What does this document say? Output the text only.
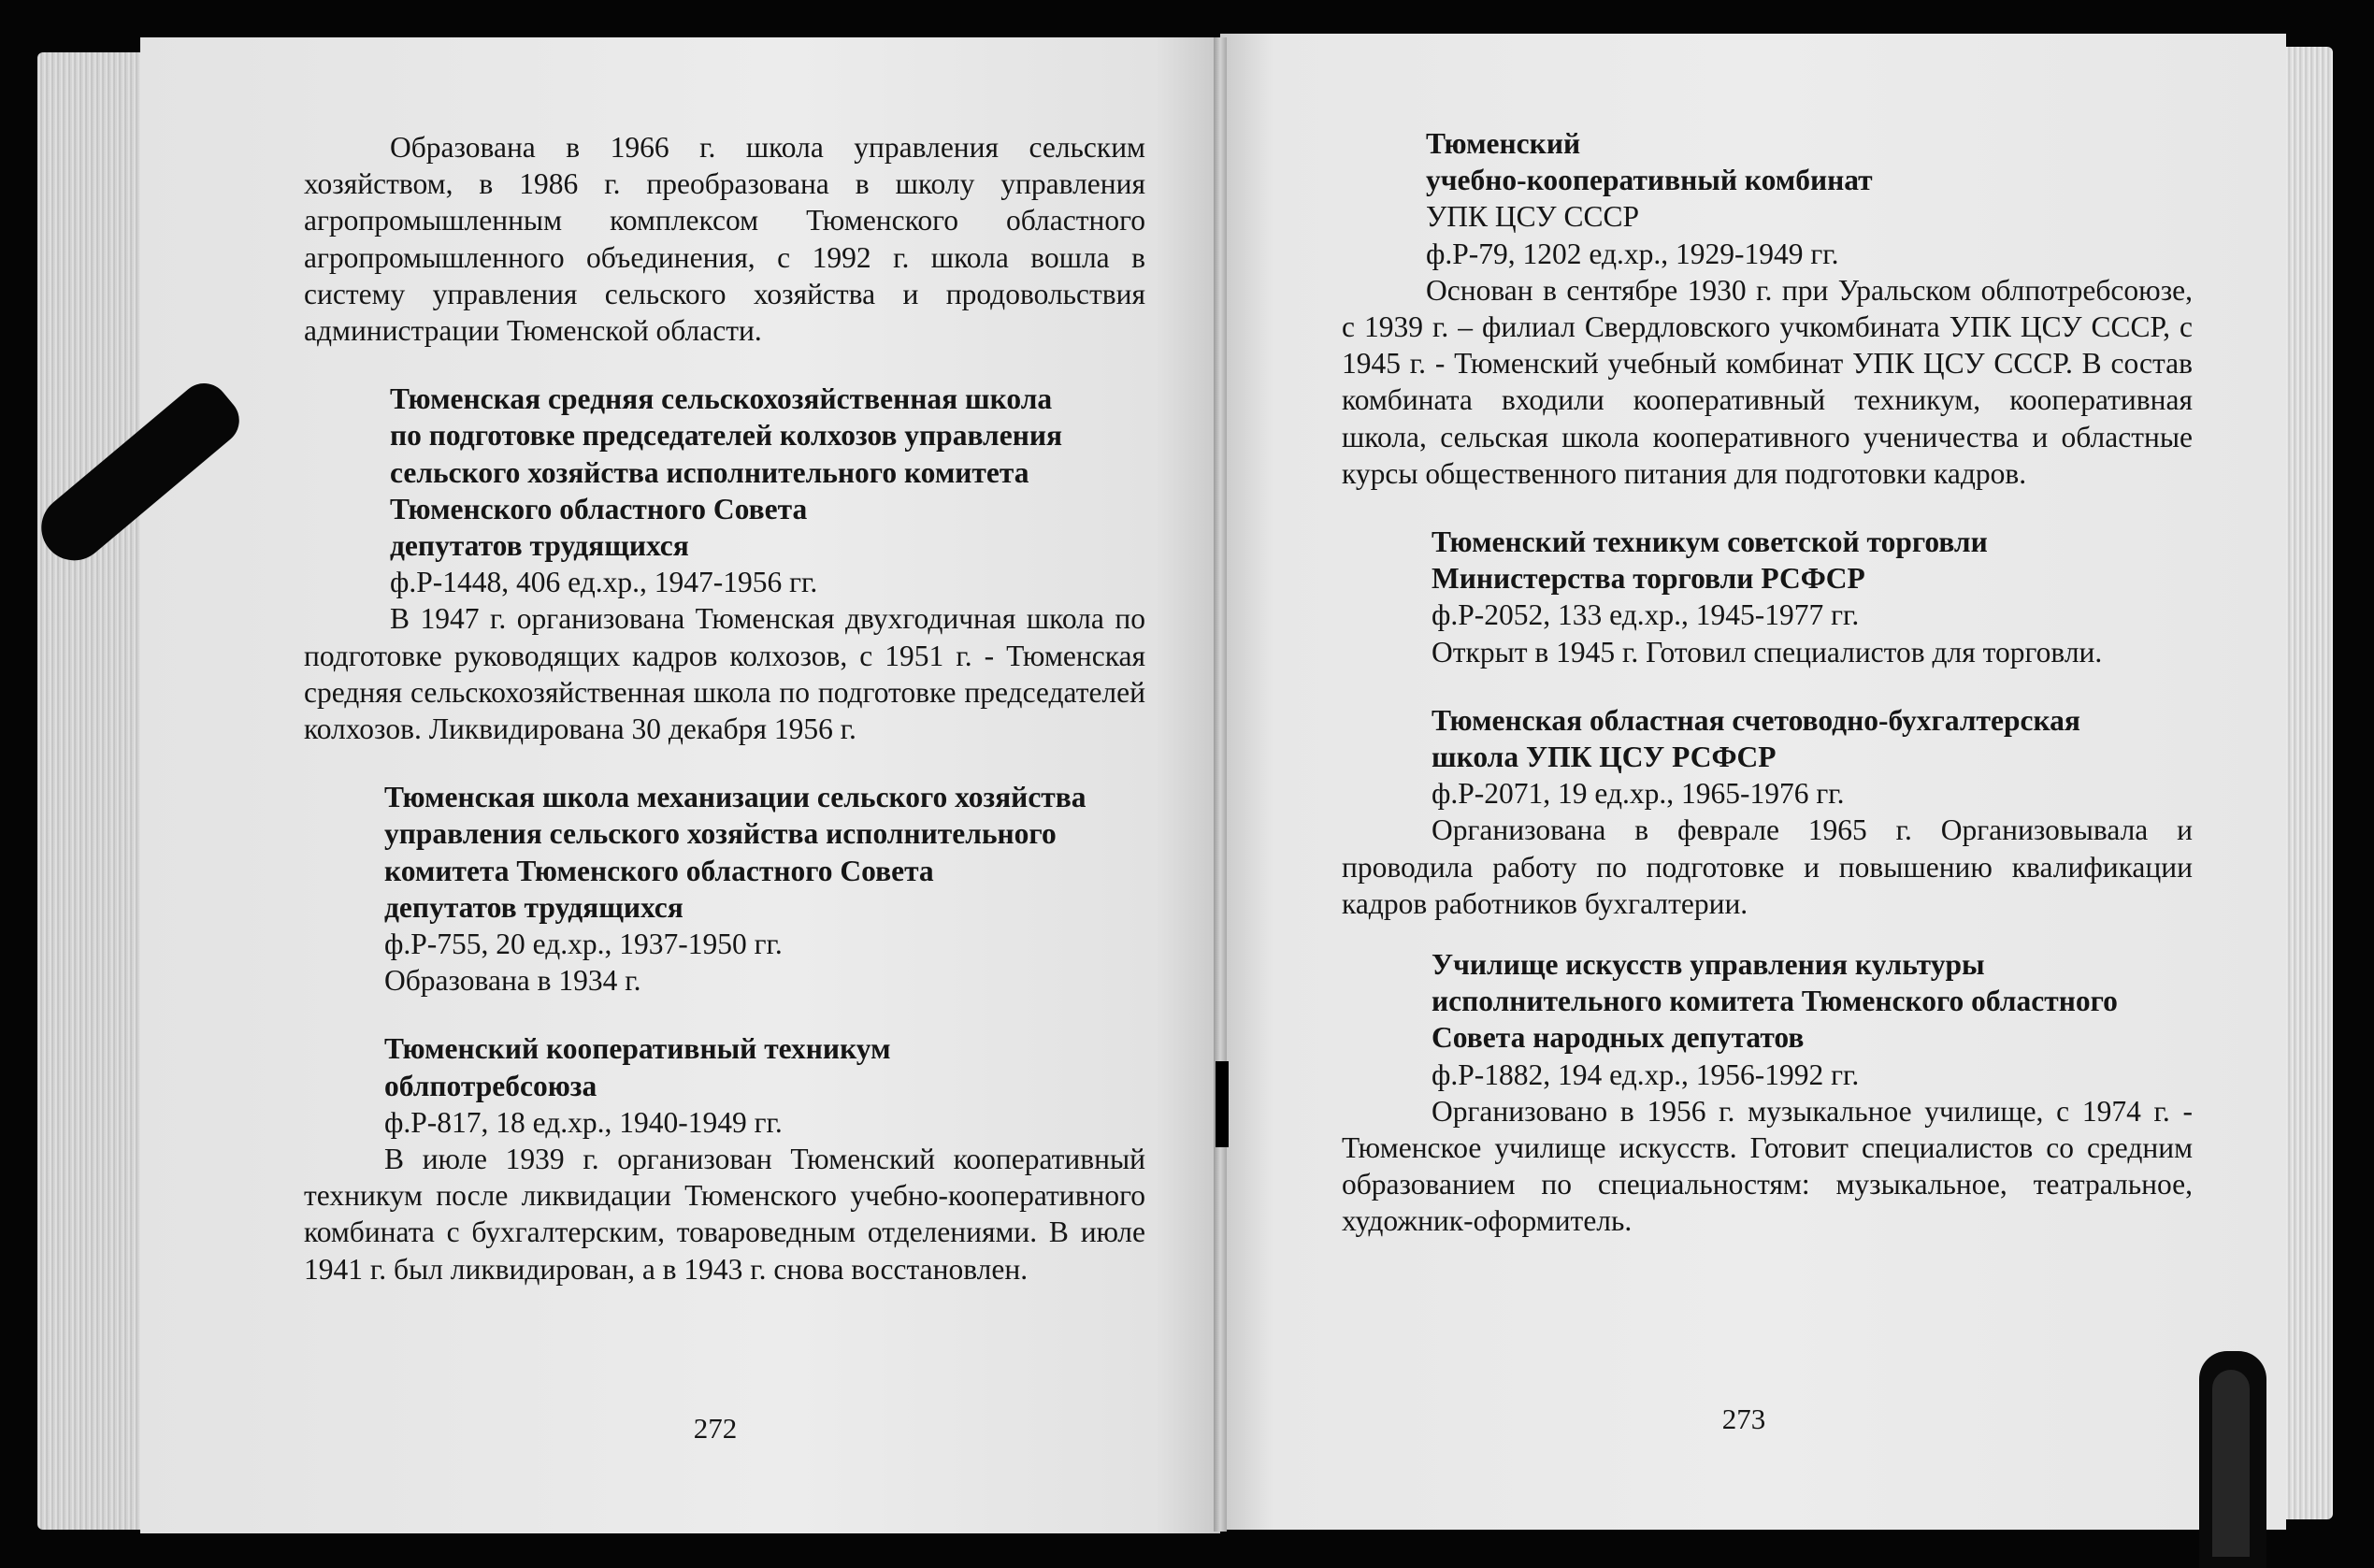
Образована в 1966 г. школа управления сельским хозяйством, в 1986 г. преобразована в школу управления агропромышленным комплексом Тюменского областного агропромышленного объединения, с 1992 г. школа вошла в систему управления сельского хозяйства и продовольствия администрации Тюменской области.

Тюменская средняя сельскохозяйственная школа

по подготовке председателей колхозов управления

сельского хозяйства исполнительного комитета

Тюменского областного Совета

депутатов трудящихся

ф.Р-1448, 406 ед.хр., 1947-1956 гг.

В 1947 г. организована Тюменская двухгодичная школа по подготовке руководящих кадров колхозов, с 1951 г. - Тюменская средняя сельскохозяйственная школа по подготовке председателей колхозов. Ликвидирована 30 декабря 1956 г.

Тюменская школа механизации сельского хозяйства

управления сельского хозяйства исполнительного

комитета Тюменского областного Совета

депутатов трудящихся

ф.Р-755, 20 ед.хр., 1937-1950 гг.

Образована в 1934 г.

Тюменский кооперативный техникум

облпотребсоюза

ф.Р-817, 18 ед.хр., 1940-1949 гг.

В июле 1939 г. организован Тюменский кооперативный техникум после ликвидации Тюменского учебно-кооперативного комбината с бухгалтерским, товароведным отделениями. В июле 1941 г. был ликвидирован, а в 1943 г. снова восстановлен.

272

Тюменский

учебно-кооперативный комбинат

УПК ЦСУ СССР

ф.Р-79, 1202 ед.хр., 1929-1949 гг.

Основан в сентябре 1930 г. при Уральском облпотребсоюзе, с 1939 г. – филиал Свердловского учкомбината УПК ЦСУ СССР, с 1945 г. - Тюменский учебный комбинат УПК ЦСУ СССР. В состав комбината входили кооперативный техникум, кооперативная школа, сельская школа кооперативного ученичества и областные курсы общественного питания для подготовки кадров.

Тюменский техникум советской торговли

Министерства торговли РСФСР

ф.Р-2052, 133 ед.хр., 1945-1977 гг.

Открыт в 1945 г. Готовил специалистов для торговли.

Тюменская областная счетоводно-бухгалтерская

школа УПК ЦСУ РСФСР

ф.Р-2071, 19 ед.хр., 1965-1976 гг.

Организована в феврале 1965 г. Организовывала и проводила работу по подготовке и повышению квалификации кадров работников бухгалтерии.

Училище искусств управления культуры

исполнительного комитета Тюменского областного

Совета народных депутатов

ф.Р-1882, 194 ед.хр., 1956-1992 гг.

Организовано в 1956 г. музыкальное училище, с 1974 г. - Тюменское училище искусств. Готовит специалистов со средним образованием по специальностям: музыкальное, театральное, художник-оформитель.

273
